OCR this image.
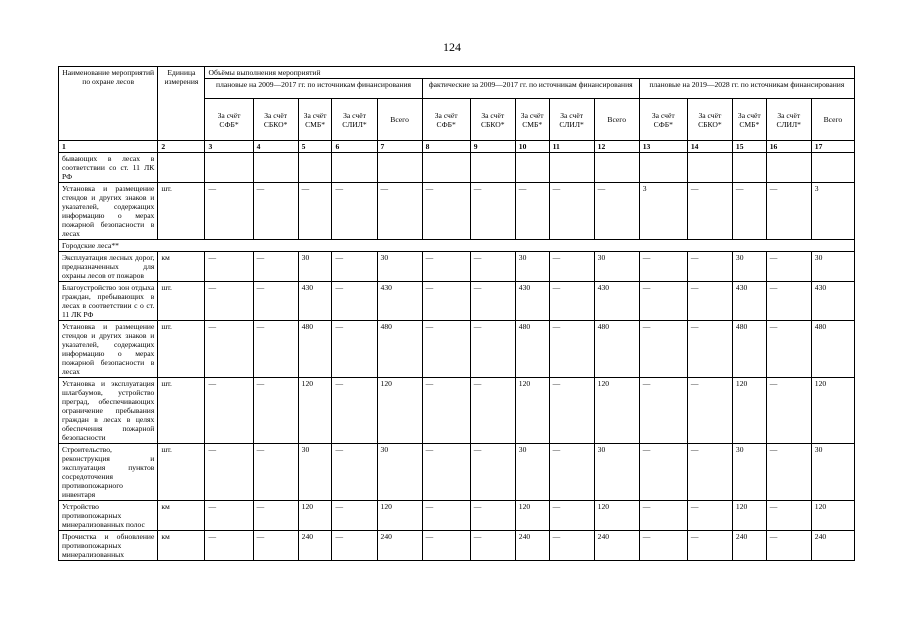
124
Наименование мероприятий по охране лесов	Единица измерения	Объёмы выполнения мероприятий														
		плановые на 2009—2017 гг. по источникам финансирования					фактические за 2009—2017 гг. по источникам финансирования					плановые на 2019—2028 гг. по источникам финансирования				
		За счёт СФБ*	За счёт СБКО*	За счёт СМБ*	За счёт СЛИЛ*	Всего	За счёт СФБ*	За счёт СБКО*	За счёт СМБ*	За счёт СЛИЛ*	Всего	За счёт СФБ*	За счёт СБКО*	За счёт СМБ*	За счёт СЛИЛ*	Всего
1	2	3	4	5	6	7	8	9	10	11	12	13	14	15	16	17
бывающих в лесах в соответствии со ст. 11 ЛК РФ																
Установка и размещение стендов и других знаков и указателей, содержащих информацию о мерах пожарной безопасности в лесах	шт.	—	—	—	—	—	—	—	—	—	—	3	—	—	—	3
Городские леса**																
Эксплуатация лесных дорог, предназначенных для охраны лесов от пожаров	км	—	—	30	—	30	—	—	30	—	30	—	—	30	—	30
Благоустройство зон отдыха граждан, пребывающих в лесах в соответствии с о ст. 11 ЛК РФ	шт.	—	—	430	—	430	—	—	430	—	430	—	—	430	—	430
Установка и размещение стендов и других знаков и указателей, содержащих информацию о мерах пожарной безопасности в лесах	шт.	—	—	480	—	480	—	—	480	—	480	—	—	480	—	480
Установка и эксплуатация шлагбаумов, устройство преград, обеспечивающих ограничение пребывания граждан в лесах в целях обеспечения пожарной безопасности	шт.	—	—	120	—	120	—	—	120	—	120	—	—	120	—	120
Строительство, реконструкция и эксплуатация пунктов сосредоточения противопожарного инвентаря	шт.	—	—	30	—	30	—	—	30	—	30	—	—	30	—	30
Устройство противопожарных минерализованных полос	км	—	—	120	—	120	—	—	120	—	120	—	—	120	—	120
Прочистка и обновление противопожарных минерализованных	км	—	—	240	—	240	—	—	240	—	240	—	—	240	—	240
